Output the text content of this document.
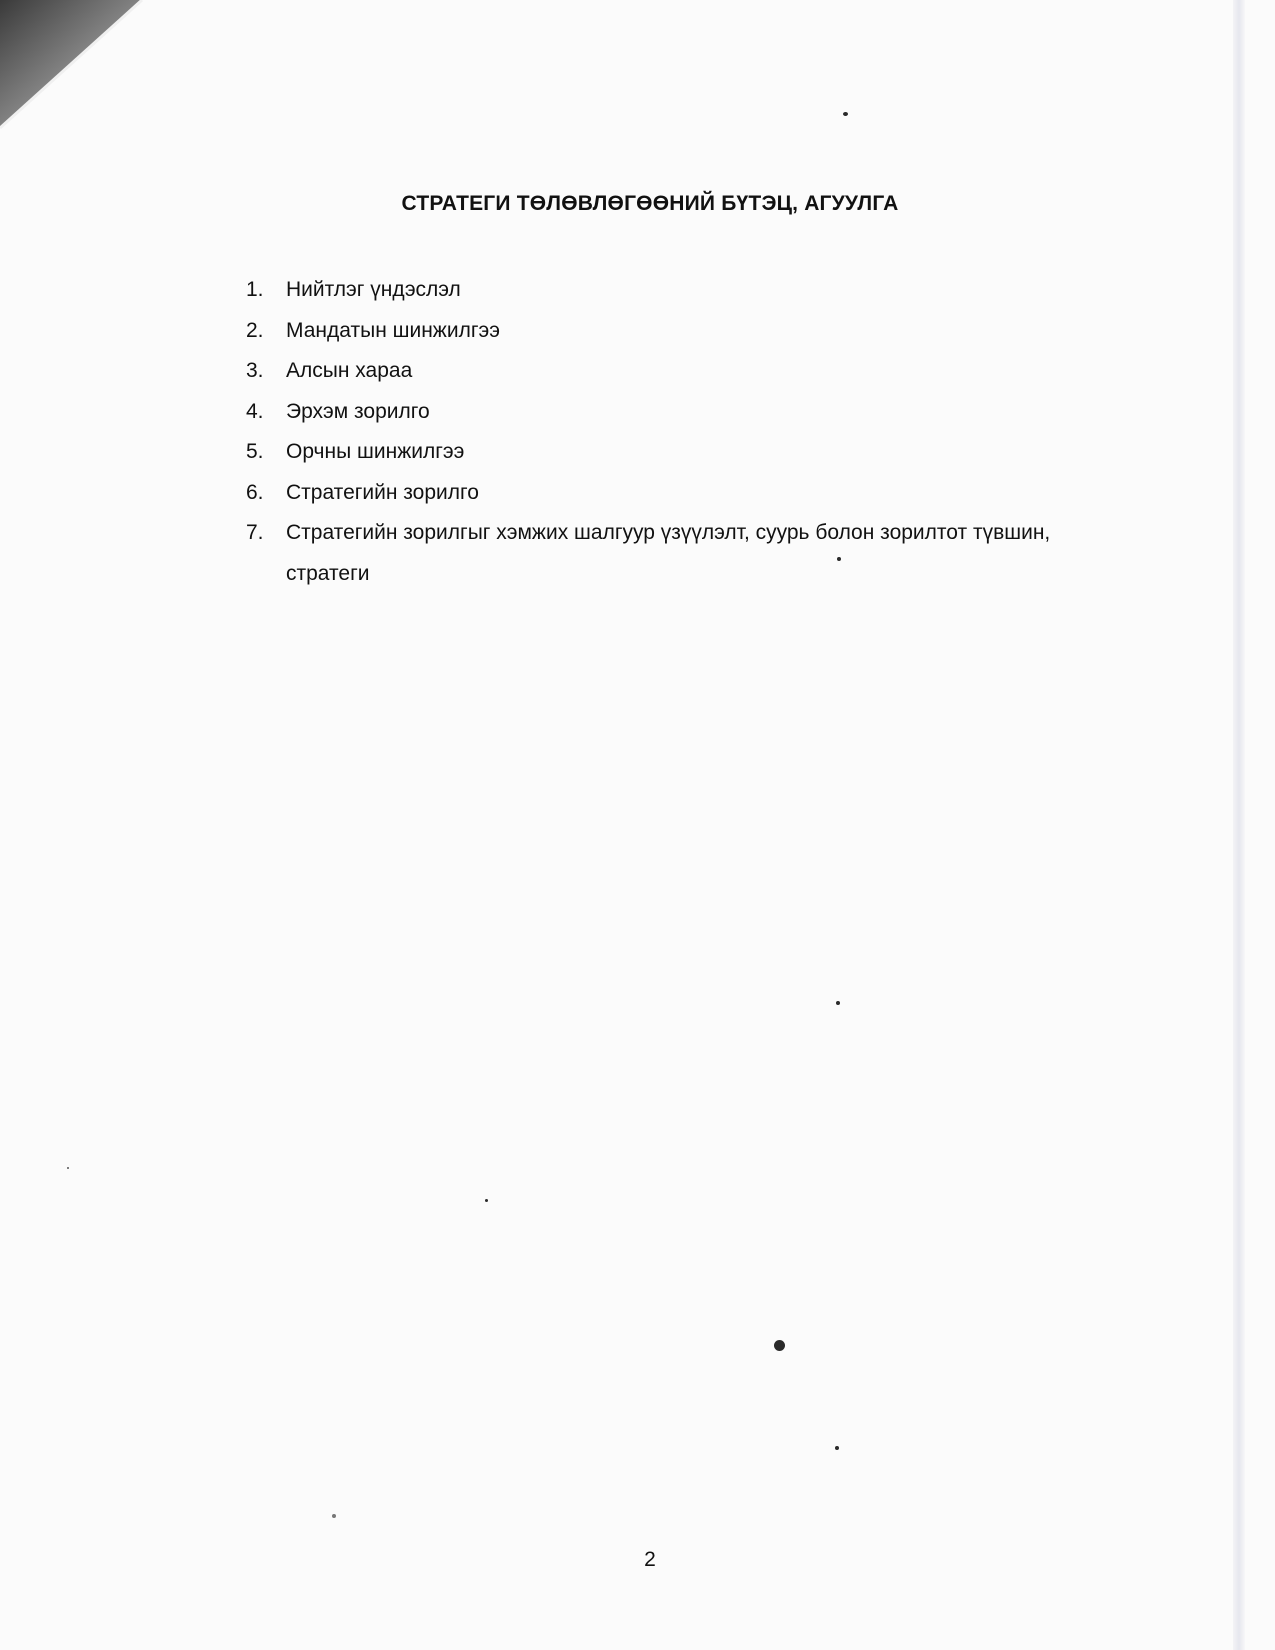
СТРАТЕГИ ТӨЛӨВЛӨГӨӨНИЙ БҮТЭЦ, АГУУЛГА
1.	Нийтлэг үндэслэл
2.	Мандатын шинжилгээ
3.	Алсын хараа
4.	Эрхэм зорилго
5.	Орчны шинжилгээ
6.	Стратегийн зорилго
7.	Стратегийн зорилгыг хэмжих шалгуур үзүүлэлт, суурь болон зорилтот түвшин, стратеги
2
